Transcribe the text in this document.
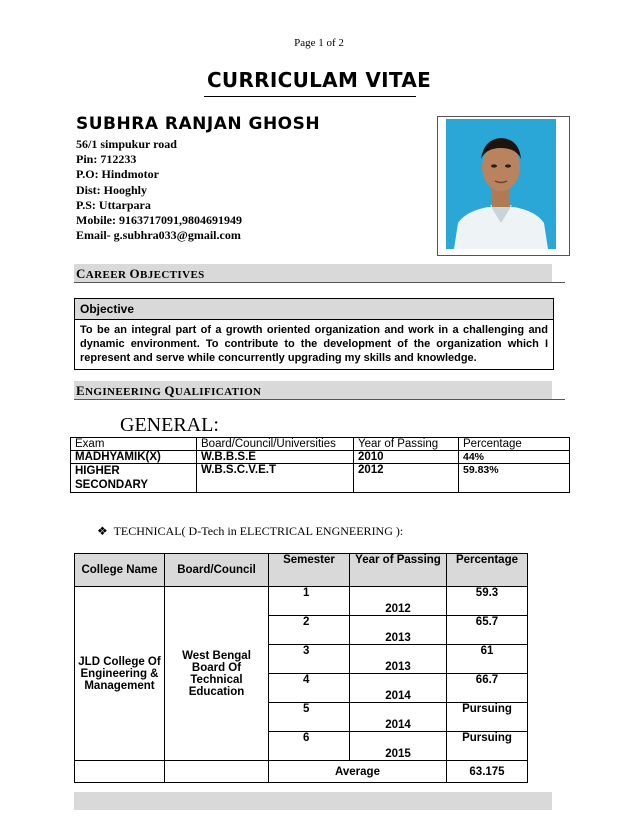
Page 1 of 2
CURRICULAM VITAE
SUBHRA RANJAN GHOSH
56/1 simpukur road
Pin: 712233
P.O: Hindmotor
Dist: Hooghly
P.S: Uttarpara
Mobile: 9163717091,9804691949
Email- g.subhra033@gmail.com
CAREER OBJECTIVES
Objective
To be an integral part of a growth oriented organization and work in a challenging and dynamic environment. To contribute to the development of the organization which I represent and serve while concurrently upgrading my skills and knowledge.
ENGINEERING QUALIFICATION
GENERAL:
Exam	Board/Council/Universities	Year of Passing	Percentage
MADHYAMIK(X)	W.B.B.S.E	2010	44%
HIGHER SECONDARY	W.B.S.C.V.E.T	2012	59.83%
❖ TECHNICAL( D-Tech in ELECTRICAL ENGNEERING ):
College Name	Board/Council	Semester	Year of Passing	Percentage
JLD College Of Engineering & Management	West Bengal Board Of Technical Education	1	2012	59.3
		2	2013	65.7
		3	2013	61
		4	2014	66.7
		5	2014	Pursuing
		6	2015	Pursuing
		Average		63.175
